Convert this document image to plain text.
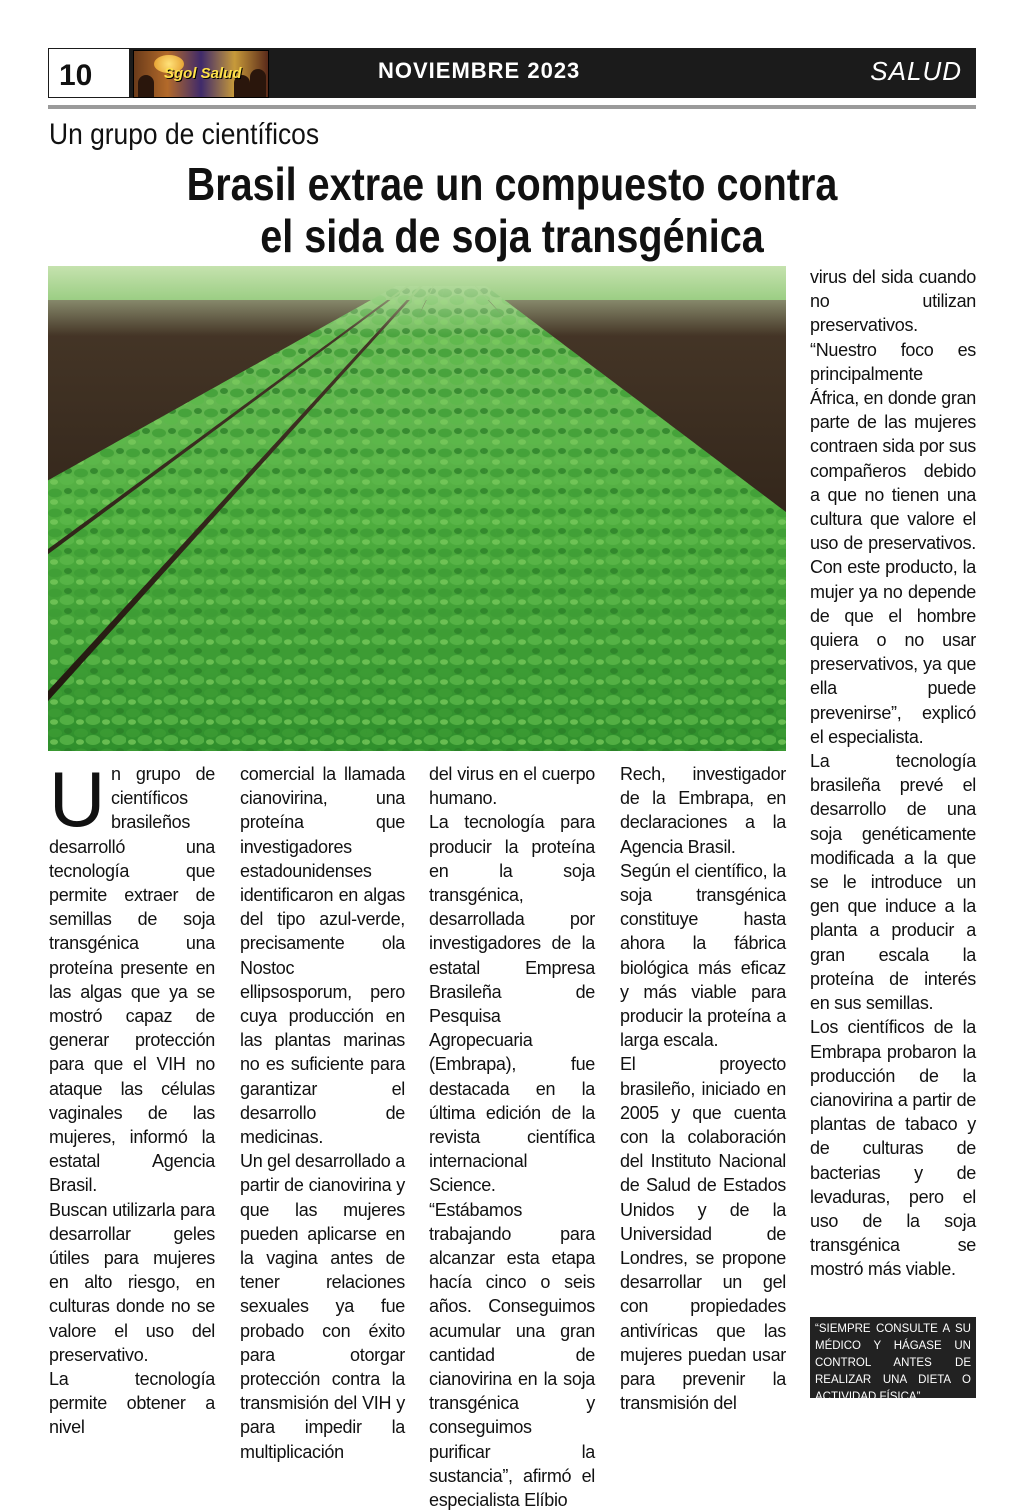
10	Sgol Salud	NOVIEMBRE 2023	SALUD
Un grupo de científicos
Brasil extrae un compuesto contra
el sida de soja transgénica
U n grupo de científicos brasileños desarrolló una tecnología que permite extraer de semillas de soja transgénica una proteína presente en las algas que ya se mostró capaz de generar protección para que el VIH no ataque las células vaginales de las mujeres, informó la estatal Agencia Brasil.

Buscan utilizarla para desarrollar geles útiles para mujeres en alto riesgo, en culturas donde no se valore el uso del preservativo.

La tecnología permite obtener a nivel

comercial la llamada cianovirina, una proteína que investigadores estadounidenses identificaron en algas del tipo azul-verde, precisamente ola Nostoc ellipsosporum, pero cuya producción en las plantas marinas no es suficiente para garantizar el desarrollo de medicinas.

Un gel desarrollado a partir de cianovirina y que las mujeres pueden aplicarse en la vagina antes de tener relaciones sexuales ya fue probado con éxito para otorgar protección contra la transmisión del VIH y para impedir la multiplicación

del virus en el cuerpo humano.

La tecnología para producir la proteína en la soja transgénica, desarrollada por investigadores de la estatal Empresa Brasileña de Pesquisa Agropecuaria (Embrapa), fue destacada en la última edición de la revista científica internacional Science.

“Estábamos trabajando para alcanzar esta etapa hacía cinco o seis años. Conseguimos acumular una gran cantidad de cianovirina en la soja transgénica y conseguimos purificar la sustancia”, afirmó el especialista Elíbio

Rech, investigador de la Embrapa, en declaraciones a la Agencia Brasil.

Según el científico, la soja transgénica constituye hasta ahora la fábrica biológica más eficaz y más viable para producir la proteína a larga escala.

El proyecto brasileño, iniciado en 2005 y que cuenta con la colaboración del Instituto Nacional de Salud de Estados Unidos y de la Universidad de Londres, se propone desarrollar un gel con propiedades antivíricas que las mujeres puedan usar para prevenir la transmisión del

virus del sida cuando no utilizan preservativos.

“Nuestro foco es principalmente África, en donde gran parte de las mujeres contraen sida por sus compañeros debido a que no tienen una cultura que valore el uso de preservativos. Con este producto, la mujer ya no depende de que el hombre quiera o no usar preservativos, ya que ella puede prevenirse”, explicó el especialista.

La tecnología brasileña prevé el desarrollo de una soja genéticamente modificada a la que se le introduce un gen que induce a la planta a producir a gran escala la proteína de interés en sus semillas.

Los científicos de la Embrapa probaron la producción de la cianovirina a partir de plantas de tabaco y de culturas de bacterias y de levaduras, pero el uso de la soja transgénica se mostró más viable.

“SIEMPRE CONSULTE A SU MÉDICO Y HÁGASE UN CONTROL ANTES DE REALIZAR UNA DIETA O ACTIVIDAD FÍSICA”
